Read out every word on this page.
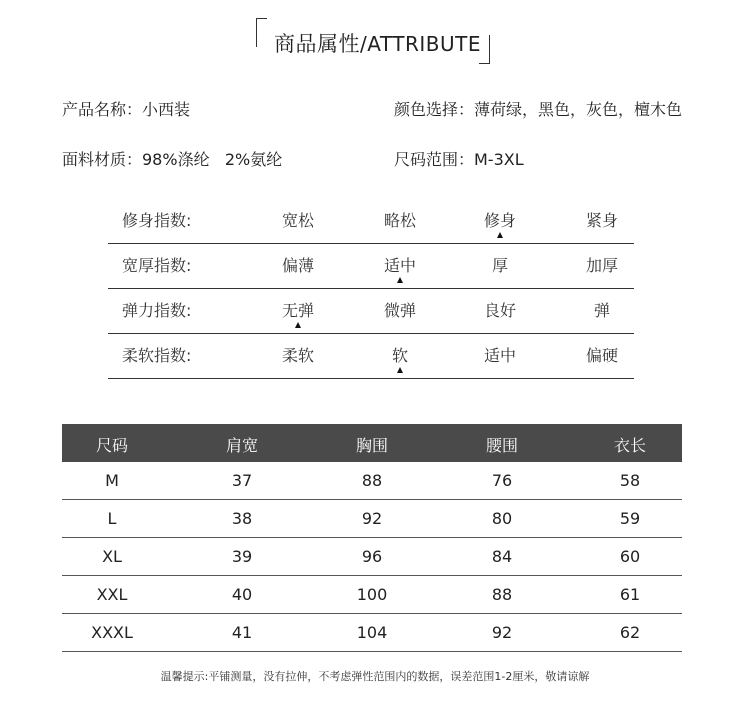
商品属性/ATTRIBUTE
产品名称：小西装	颜色选择：薄荷绿，黑色，灰色，檀木色
面料材质：98%涤纶   2%氨纶	尺码范围：M-3XL
修身指数:	宽松	略松	修身	紧身
宽厚指数:	偏薄	适中	厚	加厚
弹力指数:	无弹	微弹	良好	弹
柔软指数:	柔软	软	适中	偏硬
尺码	肩宽	胸围	腰围	衣长
M	37	88	76	58
L	38	92	80	59
XL	39	96	84	60
XXL	40	100	88	61
XXXL	41	104	92	62
温馨提示:平铺测量，没有拉伸，不考虑弹性范围内的数据，误差范围1-2厘米，敬请谅解
